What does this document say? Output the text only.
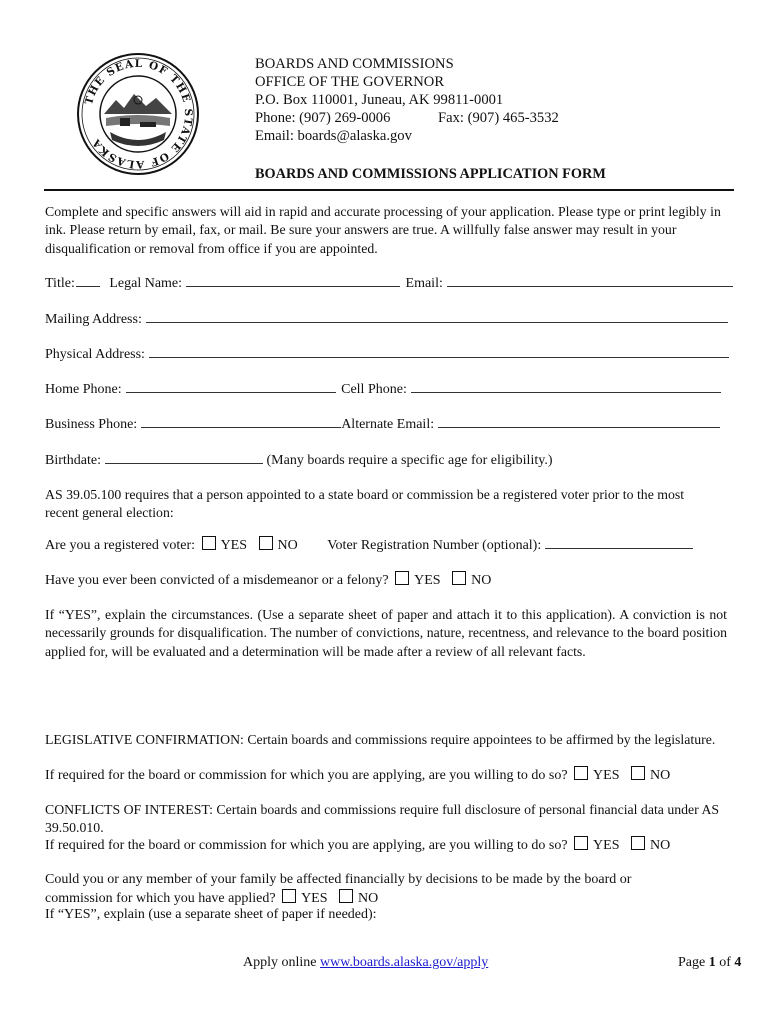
THE SEAL OF THE STATE OF ALASKA
BOARDS AND COMMISSIONS
OFFICE OF THE GOVERNOR
P.O. Box 110001, Juneau, AK 99811-0001
Phone: (907) 269-0006	Fax: (907) 465-3532
Email: boards@alaska.gov
BOARDS AND COMMISSIONS APPLICATION FORM
Complete and specific answers will aid in rapid and accurate processing of your application. Please type or print legibly in ink. Please return by email, fax, or mail. Be sure your answers are true. A willfully false answer may result in your disqualification or removal from office if you are appointed.
Title: Legal Name:	Email:
Mailing Address:
Physical Address:
Home Phone:	Cell Phone:
Business Phone:	Alternate Email:
Birthdate:	(Many boards require a specific age for eligibility.)
AS 39.05.100 requires that a person appointed to a state board or commission be a registered voter prior to the most recent general election:
Are you a registered voter: YES NO Voter Registration Number (optional):
Have you ever been convicted of a misdemeanor or a felony? YES NO
If “YES”, explain the circumstances. (Use a separate sheet of paper and attach it to this application). A conviction is not necessarily grounds for disqualification. The number of convictions, nature, recentness, and relevance to the board position applied for, will be evaluated and a determination will be made after a review of all relevant facts.
LEGISLATIVE CONFIRMATION: Certain boards and commissions require appointees to be affirmed by the legislature.
If required for the board or commission for which you are applying, are you willing to do so? YES NO
CONFLICTS OF INTEREST: Certain boards and commissions require full disclosure of personal financial data under AS 39.50.010.
If required for the board or commission for which you are applying, are you willing to do so? YES NO
Could you or any member of your family be affected financially by decisions to be made by the board or
commission for which you have applied? YES NO
If “YES”, explain (use a separate sheet of paper if needed):
Apply online www.boards.alaska.gov/apply	Page 1 of 4
